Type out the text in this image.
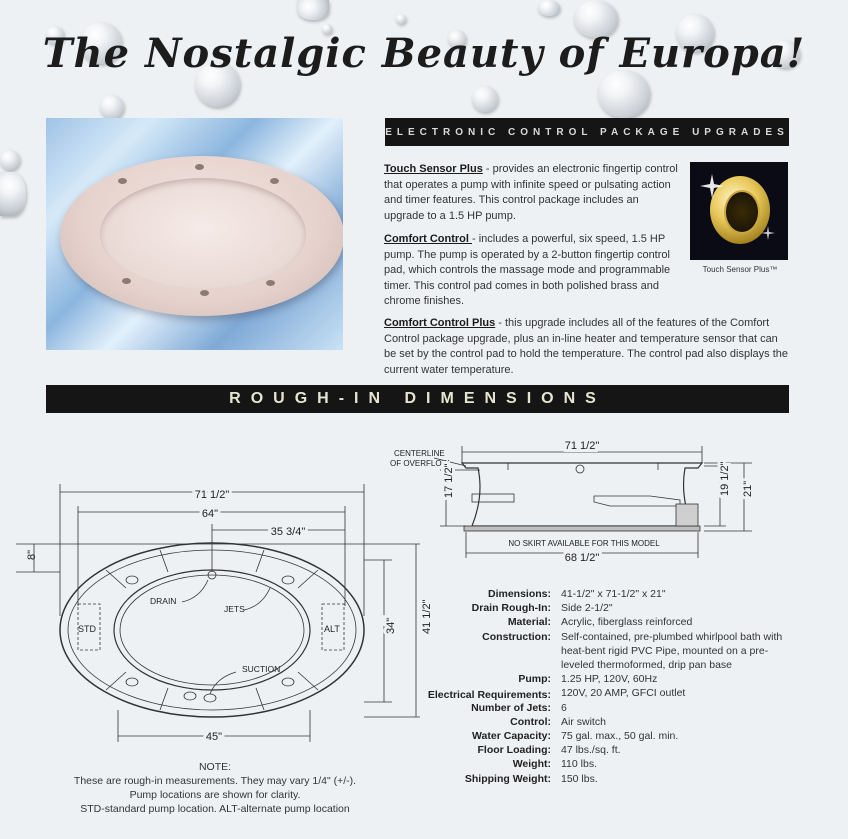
The Nostalgic Beauty of Europa!
ELECTRONIC CONTROL PACKAGE UPGRADES
Touch Sensor Plus - provides an electronic fingertip control that operates a pump with infinite speed or pulsating action and timer features. This control package includes an upgrade to a 1.5 HP pump.
Comfort Control - includes a powerful, six speed, 1.5 HP pump. The pump is operated by a 2-button fingertip control pad, which controls the massage mode and programmable timer. This control pad comes in both polished brass and chrome finishes.
Comfort Control Plus - this upgrade includes all of the features of the Comfort Control package upgrade, plus an in-line heater and temperature sensor that can be set by the control pad to hold the temperature. The control pad also displays the current water temperature.
Touch Sensor Plus™
ROUGH-IN DIMENSIONS
71 1/2"
64"
35 3/4"
8"
34" 41 1/2"
45"
DRAIN
JETS
SUCTION
STD	ALT
71 1/2"
68 1/2"
NO SKIRT AVAILABLE FOR THIS MODEL
CENTERLINE
OF OVERFLOW
17 1/2"	19 1/2" 21"
Dimensions: 41-1/2" x 71-1/2" x 21"
Drain Rough-In: Side 2-1/2"
Material: Acrylic, fiberglass reinforced
Construction: Self-contained, pre-plumbed whirlpool bath with heat-bent rigid PVC Pipe, mounted on a pre-leveled thermoformed, drip pan base
Pump: 1.25 HP, 120V, 60Hz
Electrical Requirements: 120V, 20 AMP, GFCI outlet
Number of Jets: 6
Control: Air switch
Water Capacity: 75 gal. max., 50 gal. min.
Floor Loading: 47 lbs./sq. ft.
Weight: 110 lbs.
Shipping Weight: 150 lbs.
NOTE:
These are rough-in measurements. They may vary 1/4" (+/-).
Pump locations are shown for clarity.
STD-standard pump location. ALT-alternate pump location
